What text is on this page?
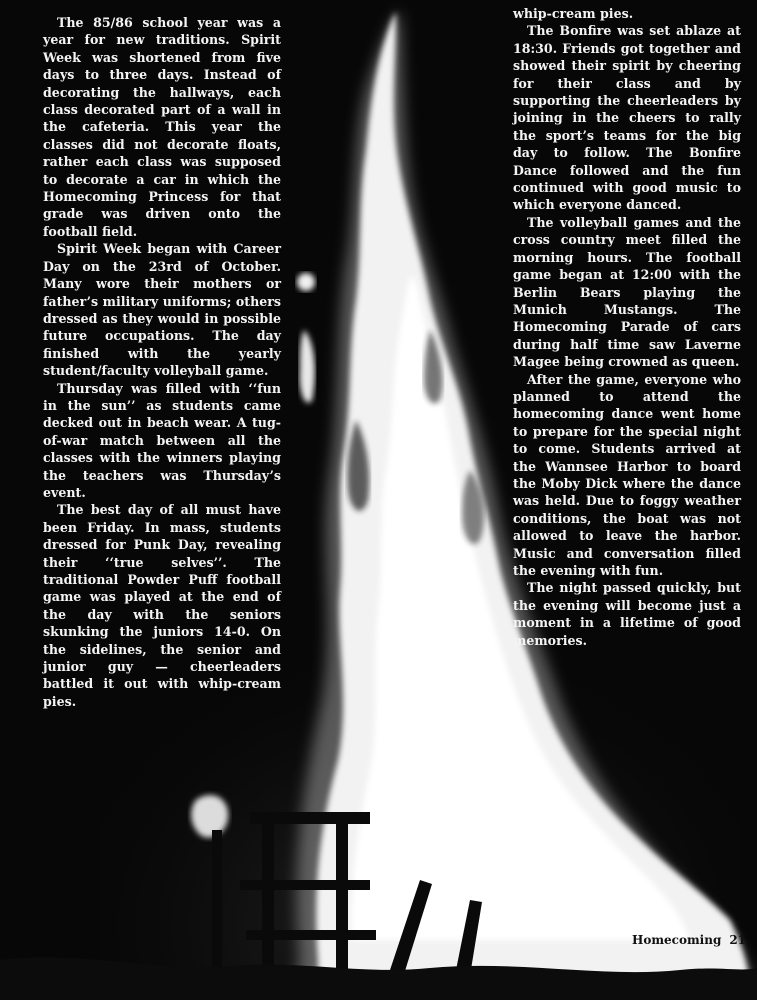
The 85/86 school year was a year for new traditions. Spirit Week was shortened from five days to three days. Instead of decorating the hallways, each class decorated part of a wall in the cafeteria. This year the classes did not decorate floats, rather each class was supposed to decorate a car in which the Homecoming Princess for that grade was driven onto the football field.

Spirit Week began with Career Day on the 23rd of October. Many wore their mothers or father’s military uniforms; others dressed as they would in possible future occupations. The day finished with the yearly student/faculty volleyball game.

Thursday was filled with ‘‘fun in the sun’’ as students came decked out in beach wear. A tug-of-war match between all the classes with the winners playing the teachers was Thursday’s event.

The best day of all must have been Friday. In mass, students dressed for Punk Day, revealing their ‘‘true selves’’. The traditional Powder Puff football game was played at the end of the day with the seniors skunking the juniors 14-0. On the sidelines, the senior and junior guy — cheerleaders battled it out with whip-cream pies.

whip-cream pies.

The Bonfire was set ablaze at 18:30. Friends got together and showed their spirit by cheering for their class and by supporting the cheerleaders by joining in the cheers to rally the sport’s teams for the big day to follow. The Bonfire Dance followed and the fun continued with good music to which everyone danced.

The volleyball games and the cross country meet filled the morning hours. The football game began at 12:00 with the Berlin Bears playing the Munich Mustangs. The Homecoming Parade of cars during half time saw Laverne Magee being crowned as queen.

After the game, everyone who planned to attend the homecoming dance went home to prepare for the special night to come. Students arrived at the Wannsee Harbor to board the Moby Dick where the dance was held. Due to foggy weather conditions, the boat was not allowed to leave the harbor. Music and conversation filled the evening with fun.

The night passed quickly, but the evening will become just a moment in a lifetime of good memories.

Homecoming 21
